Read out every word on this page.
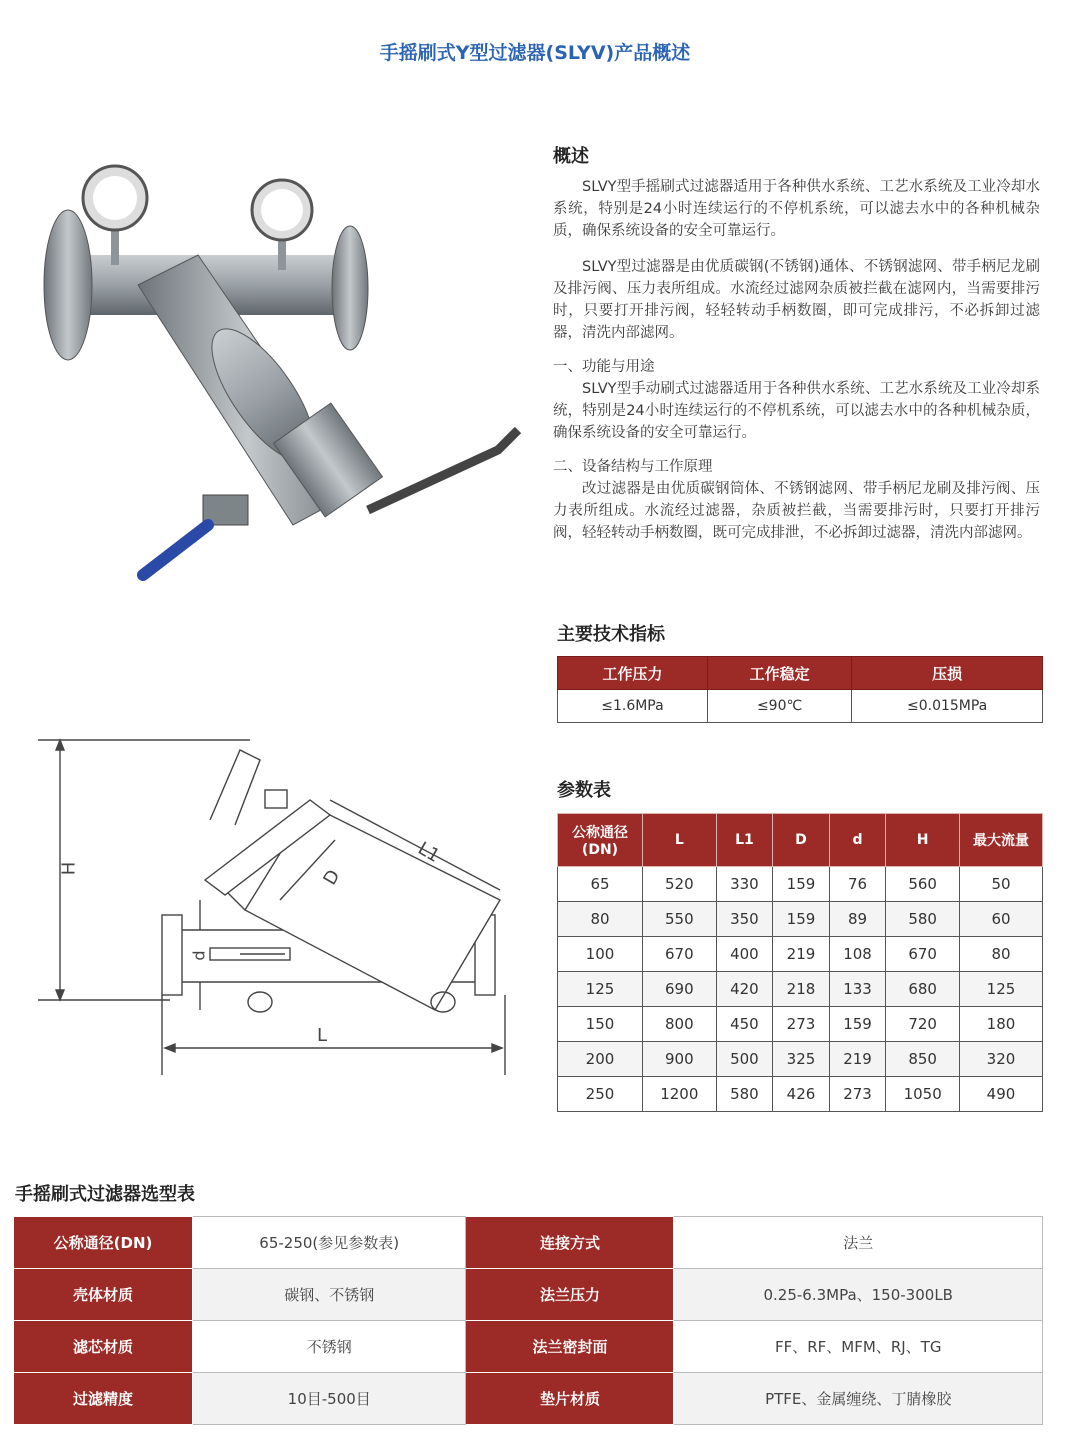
手摇刷式Y型过滤器(SLYV)产品概述
概述

SLVY型手摇刷式过滤器适用于各种供水系统、工艺水系统及工业冷却水系统，特别是24小时连续运行的不停机系统，可以滤去水中的各种机械杂质，确保系统设备的安全可靠运行。

SLVY型过滤器是由优质碳钢(不锈钢)通体、不锈钢滤网、带手柄尼龙刷及排污阀、压力表所组成。水流经过滤网杂质被拦截在滤网内，当需要排污时，只要打开排污阀，轻轻转动手柄数圈，即可完成排污，不必拆卸过滤器，清洗内部滤网。

一、功能与用途

SLVY型手动刷式过滤器适用于各种供水系统、工艺水系统及工业冷却系统，特别是24小时连续运行的不停机系统，可以滤去水中的各种机械杂质，确保系统设备的安全可靠运行。

二、设备结构与工作原理

改过滤器是由优质碳钢筒体、不锈钢滤网、带手柄尼龙刷及排污阀、压力表所组成。水流经过滤器，杂质被拦截，当需要排污时，只要打开排污阀，轻轻转动手柄数圈，既可完成排泄，不必拆卸过滤器，清洗内部滤网。

主要技术指标
工作压力	工作稳定	压损
≤1.6MPa	≤90℃	≤0.015MPa
参数表
公称通径(DN)	L	L1	D	d	H	最大流量
65	520	330	159	76	560	50
80	550	350	159	89	580	60
100	670	400	219	108	670	80
125	690	420	218	133	680	125
150	800	450	273	159	720	180
200	900	500	325	219	850	320
250	1200	580	426	273	1050	490
H
L
L1
D
d
手摇刷式过滤器选型表
公称通径(DN)	65-250(参见参数表)	连接方式	法兰
壳体材质	碳钢、不锈钢	法兰压力	0.25-6.3MPa、150-300LB
滤芯材质	不锈钢	法兰密封面	FF、RF、MFM、RJ、TG
过滤精度	10目-500目	垫片材质	PTFE、金属缠绕、丁腈橡胶
